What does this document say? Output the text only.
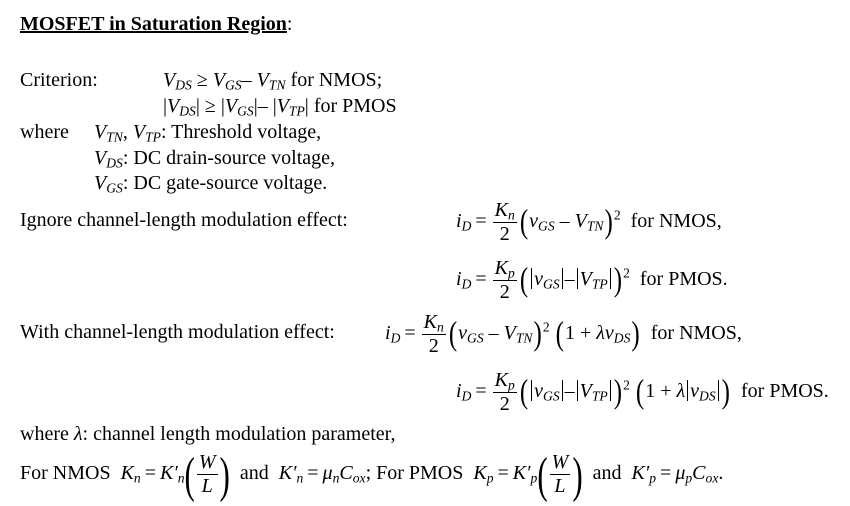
MOSFET in Saturation Region:
Criterion:	$V_{DS} \ge V_{GS}-$ $V_{TN}$ for NMOS;
$|V_{DS}| \ge |V_{GS}|-$ $|V_{TP}|$ for PMOS
where $V_{TN}$, $V_{TP}$: Threshold voltage,
$V_{DS}$: DC drain-source voltage,
$V_{GS}$: DC gate-source voltage.
Ignore channel-length modulation effect:	$i_D = \frac{K_n}{2} (v_{GS} - V_{TN})^2$ for NMOS,
$i_D = \frac{K_p}{2}$ ( $v_{GS} - V_{TP}$ )$^2$ for PMOS.
With channel-length modulation effect:	$i_D = \frac{K_n}{2} (v_{GS} - V_{TN})^2$ $(1 + \lambda v_{DS})$ for NMOS,
$i_D = \frac{K_p}{2}$ ( $v_{GS} - V_{TP}$ )$^2$ (1 + λ $v_{DS}$ ) for PMOS.
where λ: channel length modulation parameter,
For NMOS $K_n = K'_n( \frac{W}{L}$ ) and $K'_n = \mu_nC_{ox}$; For PMOS $K_p = K'_p( \frac{W}{L}$ ) and $K'_p = \mu_pC_{ox}$.
